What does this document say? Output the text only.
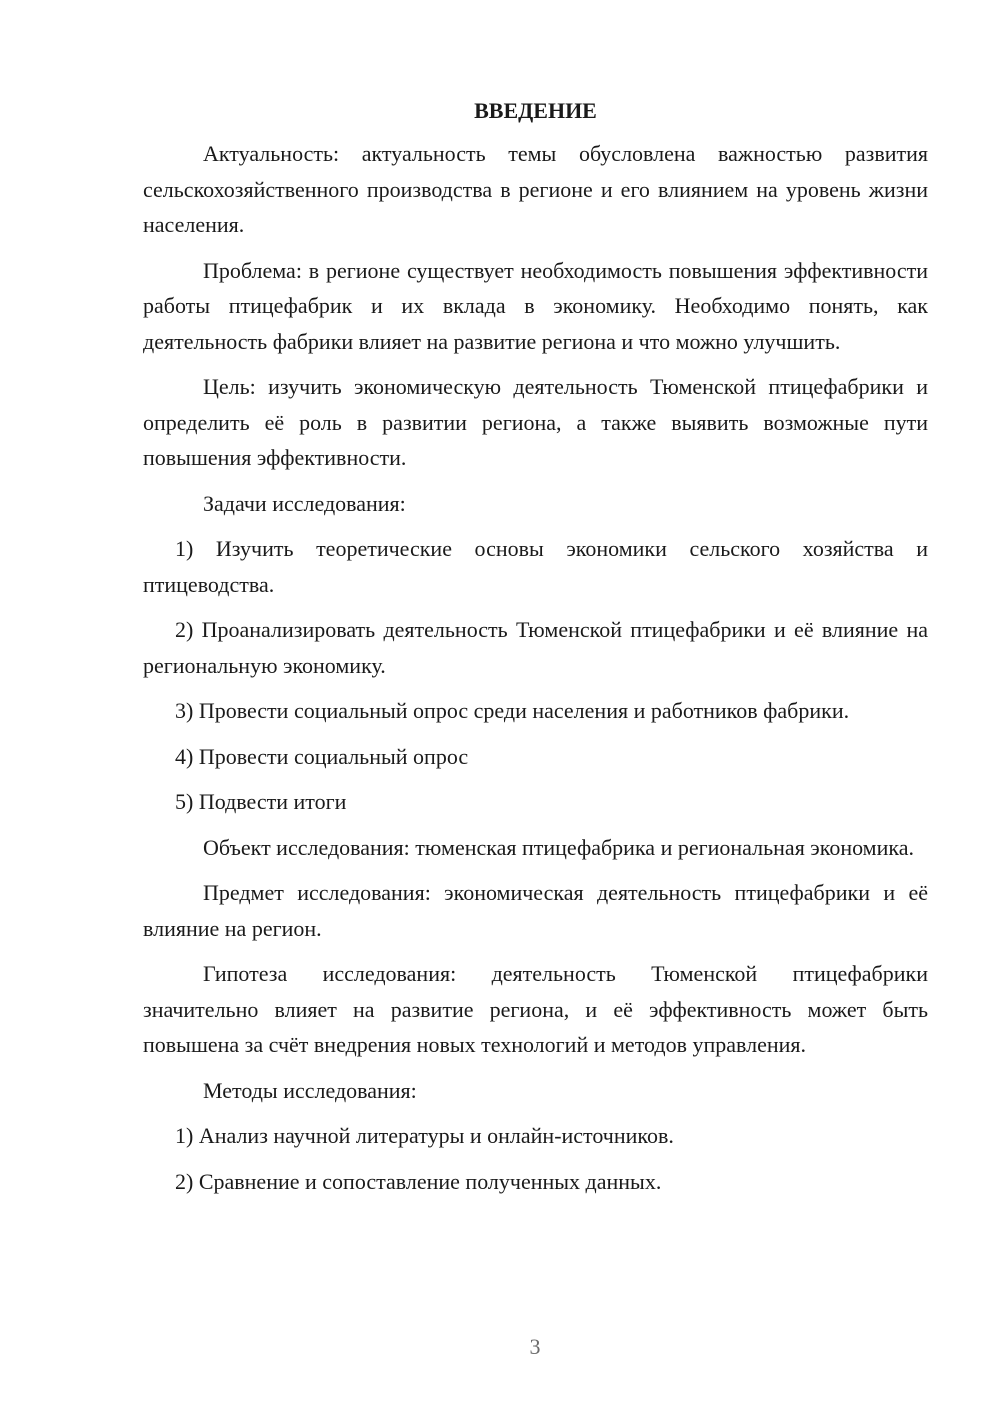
ВВЕДЕНИЕ

Актуальность: актуальность темы обусловлена важностью развития сельскохозяйственного производства в регионе и его влиянием на уровень жизни населения.

Проблема: в регионе существует необходимость повышения эффективности работы птицефабрик и их вклада в экономику. Необходимо понять, как деятельность фабрики влияет на развитие региона и что можно улучшить.

Цель: изучить экономическую деятельность Тюменской птицефабрики и определить её роль в развитии региона, а также выявить возможные пути повышения эффективности.

Задачи исследования:

1) Изучить теоретические основы экономики сельского хозяйства и птицеводства.

2) Проанализировать деятельность Тюменской птицефабрики и её влияние на региональную экономику.

3) Провести социальный опрос среди населения и работников фабрики.

4) Провести социальный опрос

5) Подвести итоги

Объект исследования: тюменская птицефабрика и региональная экономика.

Предмет исследования: экономическая деятельность птицефабрики и её влияние на регион.

Гипотеза исследования: деятельность Тюменской птицефабрики значительно влияет на развитие региона, и её эффективность может быть повышена за счёт внедрения новых технологий и методов управления.

Методы исследования:

1) Анализ научной литературы и онлайн-источников.

2) Сравнение и сопоставление полученных данных.

3
